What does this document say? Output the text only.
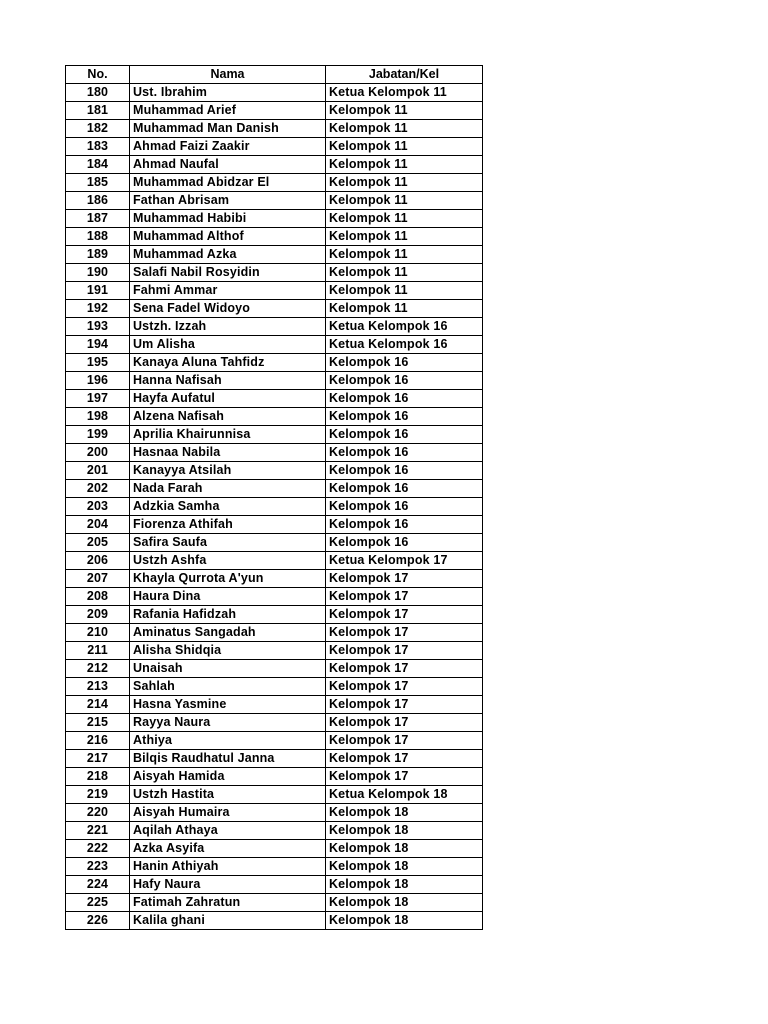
No.	Nama	Jabatan/Kel
180	Ust. Ibrahim	Ketua Kelompok 11
181	Muhammad Arief	Kelompok 11
182	Muhammad Man Danish	Kelompok 11
183	Ahmad Faizi Zaakir	Kelompok 11
184	Ahmad Naufal	Kelompok 11
185	Muhammad Abidzar El	Kelompok 11
186	Fathan Abrisam	Kelompok 11
187	Muhammad Habibi	Kelompok 11
188	Muhammad Althof	Kelompok 11
189	Muhammad Azka	Kelompok 11
190	Salafi Nabil Rosyidin	Kelompok 11
191	Fahmi Ammar	Kelompok 11
192	Sena Fadel Widoyo	Kelompok 11
193	Ustzh. Izzah	Ketua Kelompok 16
194	Um Alisha	Ketua Kelompok 16
195	Kanaya Aluna Tahfidz	Kelompok 16
196	Hanna Nafisah	Kelompok 16
197	Hayfa Aufatul	Kelompok 16
198	Alzena Nafisah	Kelompok 16
199	Aprilia Khairunnisa	Kelompok 16
200	Hasnaa Nabila	Kelompok 16
201	Kanayya Atsilah	Kelompok 16
202	Nada Farah	Kelompok 16
203	Adzkia Samha	Kelompok 16
204	Fiorenza Athifah	Kelompok 16
205	Safira Saufa	Kelompok 16
206	Ustzh Ashfa	Ketua Kelompok 17
207	Khayla Qurrota A'yun	Kelompok 17
208	Haura Dina	Kelompok 17
209	Rafania Hafidzah	Kelompok 17
210	Aminatus Sangadah	Kelompok 17
211	Alisha Shidqia	Kelompok 17
212	Unaisah	Kelompok 17
213	Sahlah	Kelompok 17
214	Hasna Yasmine	Kelompok 17
215	Rayya Naura	Kelompok 17
216	Athiya	Kelompok 17
217	Bilqis Raudhatul Janna	Kelompok 17
218	Aisyah Hamida	Kelompok 17
219	Ustzh Hastita	Ketua Kelompok 18
220	Aisyah Humaira	Kelompok 18
221	Aqilah Athaya	Kelompok 18
222	Azka Asyifa	Kelompok 18
223	Hanin Athiyah	Kelompok 18
224	Hafy Naura	Kelompok 18
225	Fatimah Zahratun	Kelompok 18
226	Kalila ghani	Kelompok 18
